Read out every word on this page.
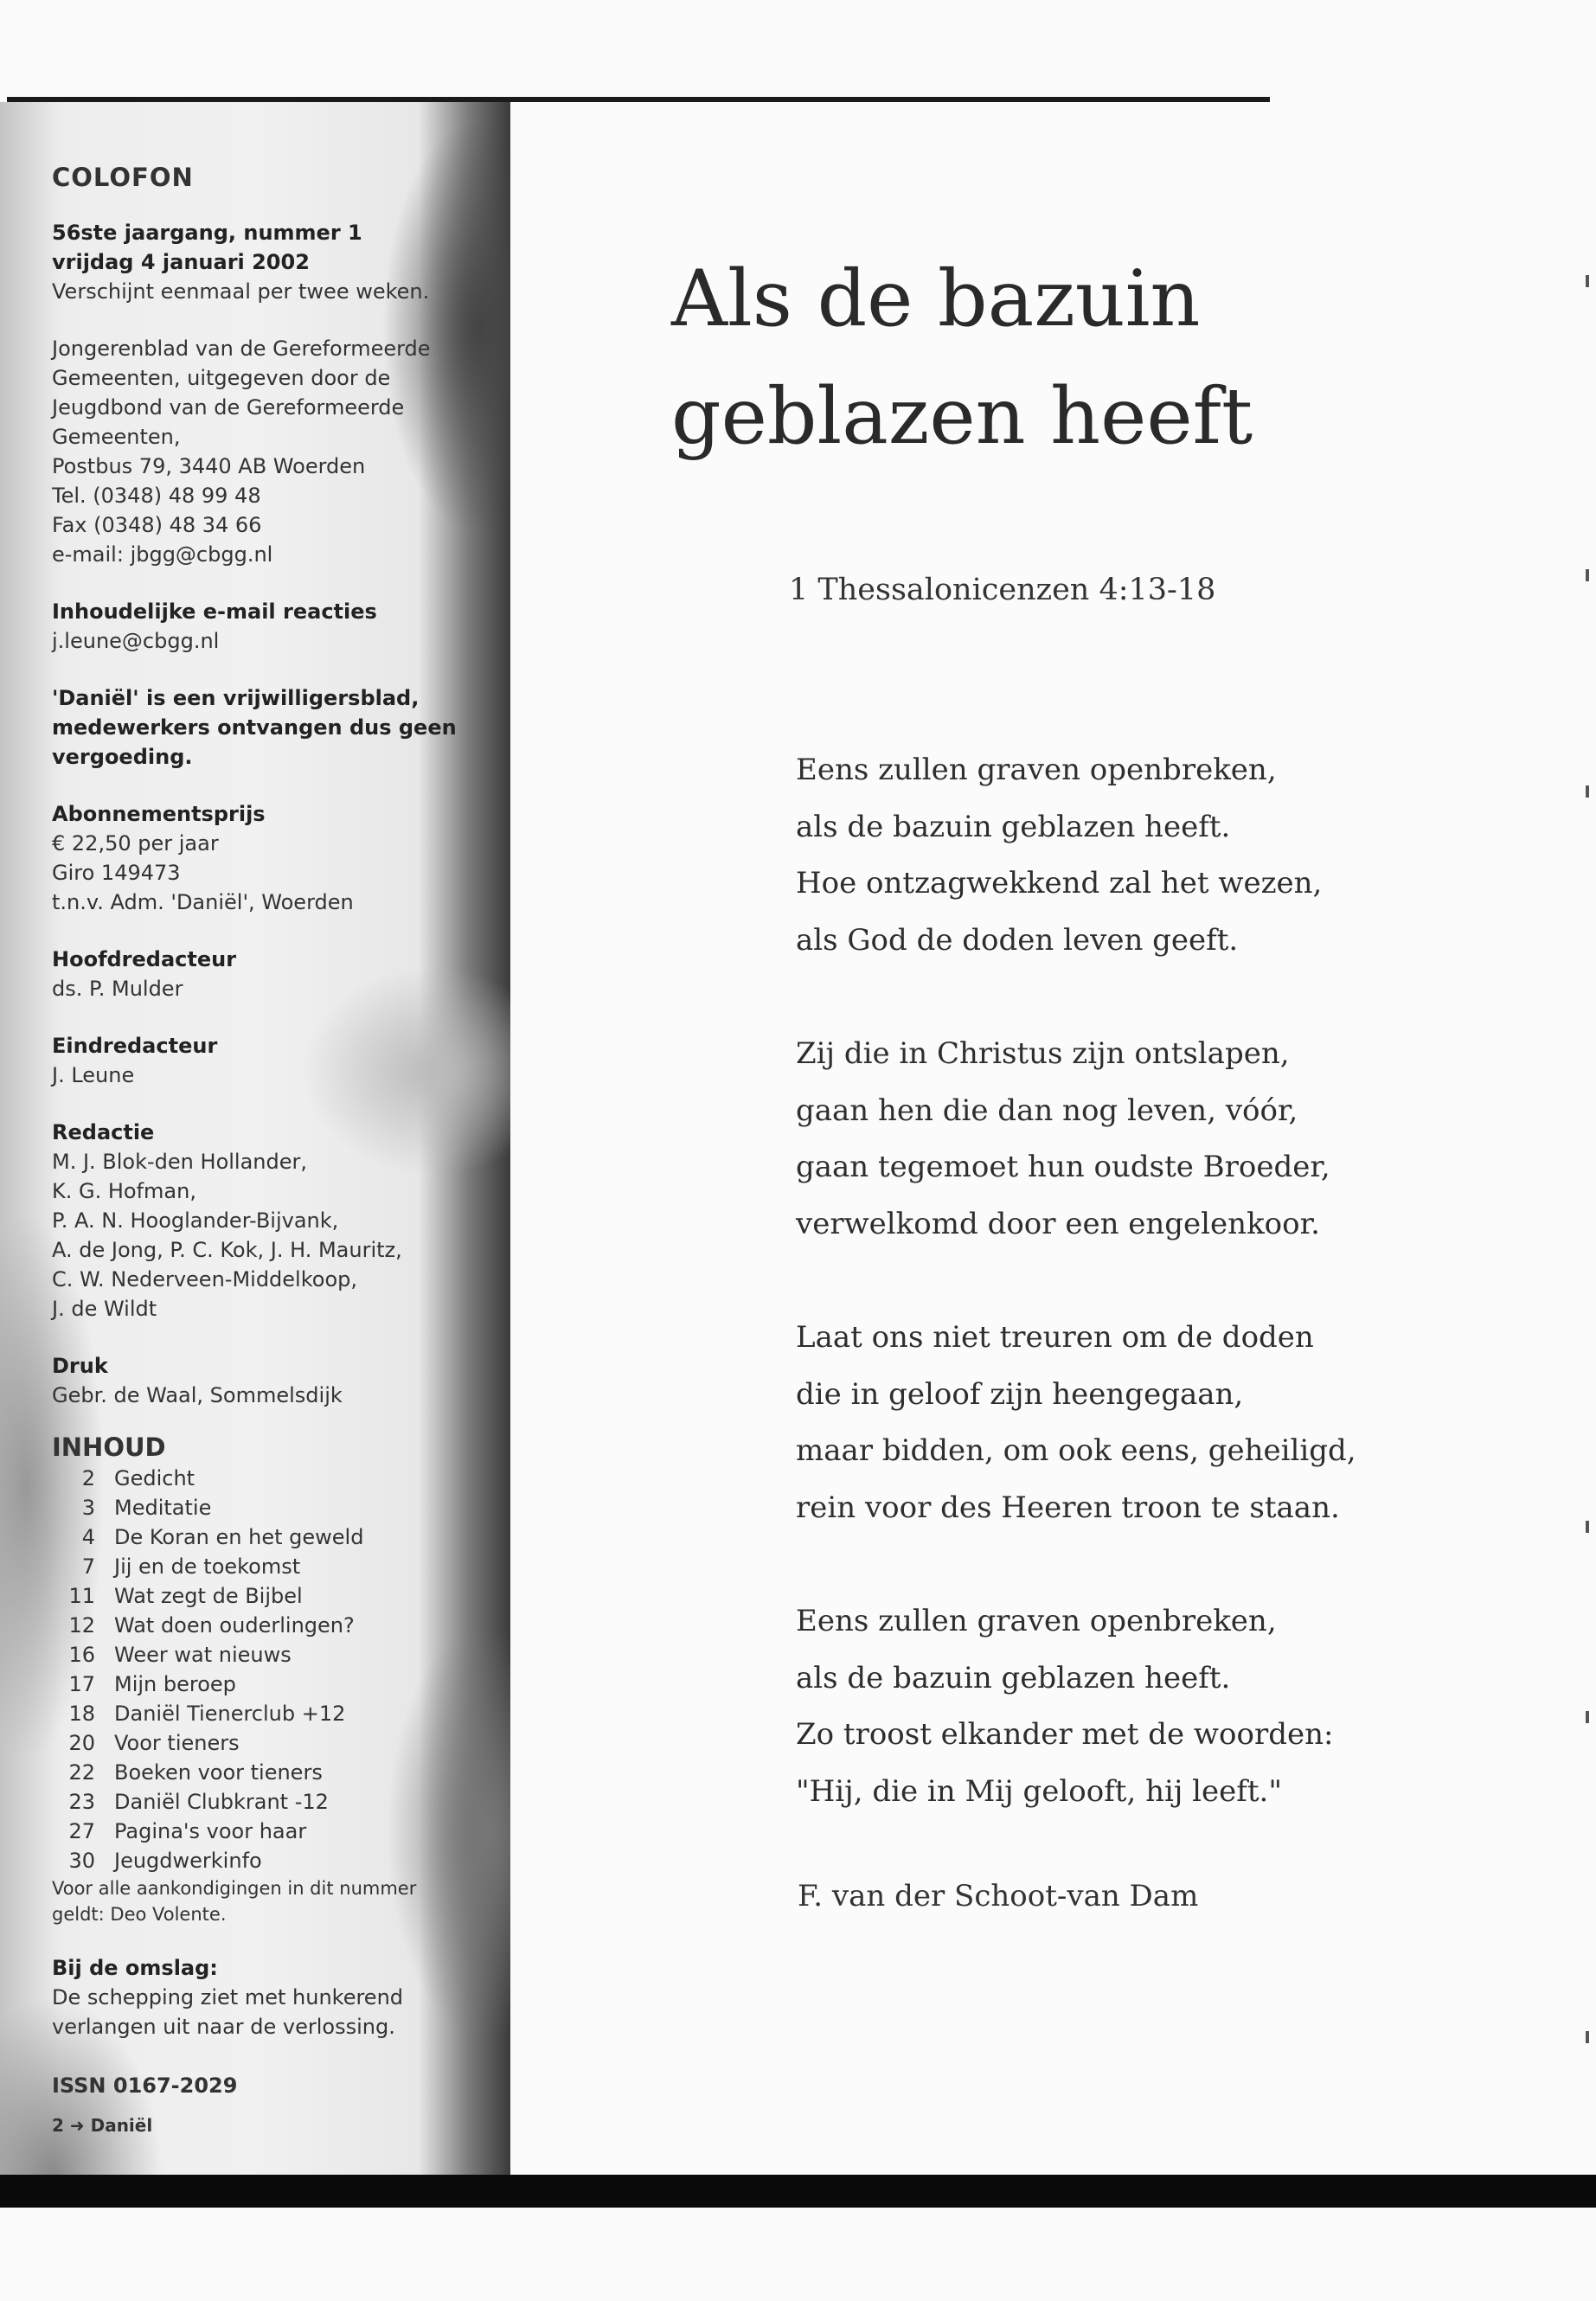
COLOFON
56ste jaargang, nummer 1
vrijdag 4 januari 2002
Verschijnt eenmaal per twee weken.
Jongerenblad van de Gereformeerde
Gemeenten, uitgegeven door de
Jeugdbond van de Gereformeerde
Gemeenten,
Postbus 79, 3440 AB Woerden
Tel. (0348) 48 99 48
Fax (0348) 48 34 66
e-mail: jbgg@cbgg.nl
Inhoudelijke e-mail reacties
j.leune@cbgg.nl
'Daniël' is een vrijwilligersblad,
medewerkers ontvangen dus geen
vergoeding.
Abonnementsprijs
€ 22,50 per jaar
Giro 149473
t.n.v. Adm. 'Daniël', Woerden
Hoofdredacteur
ds. P. Mulder
Eindredacteur
J. Leune
Redactie
M. J. Blok-den Hollander,
K. G. Hofman,
P. A. N. Hooglander-Bijvank,
A. de Jong, P. C. Kok, J. H. Mauritz,
C. W. Nederveen-Middelkoop,
J. de Wildt
Druk
Gebr. de Waal, Sommelsdijk
INHOUD
2 Gedicht
3 Meditatie
4 De Koran en het geweld
7 Jij en de toekomst
11 Wat zegt de Bijbel
12 Wat doen ouderlingen?
16 Weer wat nieuws
17 Mijn beroep
18 Daniël Tienerclub +12
20 Voor tieners
22 Boeken voor tieners
23 Daniël Clubkrant -12
27 Pagina's voor haar
30 Jeugdwerkinfo
Voor alle aankondigingen in dit nummer
geldt: Deo Volente.
Bij de omslag:
De schepping ziet met hunkerend
verlangen uit naar de verlossing.
ISSN 0167-2029
2 ➜ Daniël
Als de bazuin
geblazen heeft
1 Thessalonicenzen 4:13-18
Eens zullen graven openbreken,
als de bazuin geblazen heeft.
Hoe ontzagwekkend zal het wezen,
als God de doden leven geeft.
Zij die in Christus zijn ontslapen,
gaan hen die dan nog leven, vóór,
gaan tegemoet hun oudste Broeder,
verwelkomd door een engelenkoor.
Laat ons niet treuren om de doden
die in geloof zijn heengegaan,
maar bidden, om ook eens, geheiligd,
rein voor des Heeren troon te staan.
Eens zullen graven openbreken,
als de bazuin geblazen heeft.
Zo troost elkander met de woorden:
"Hij, die in Mij gelooft, hij leeft."
F. van der Schoot-van Dam
